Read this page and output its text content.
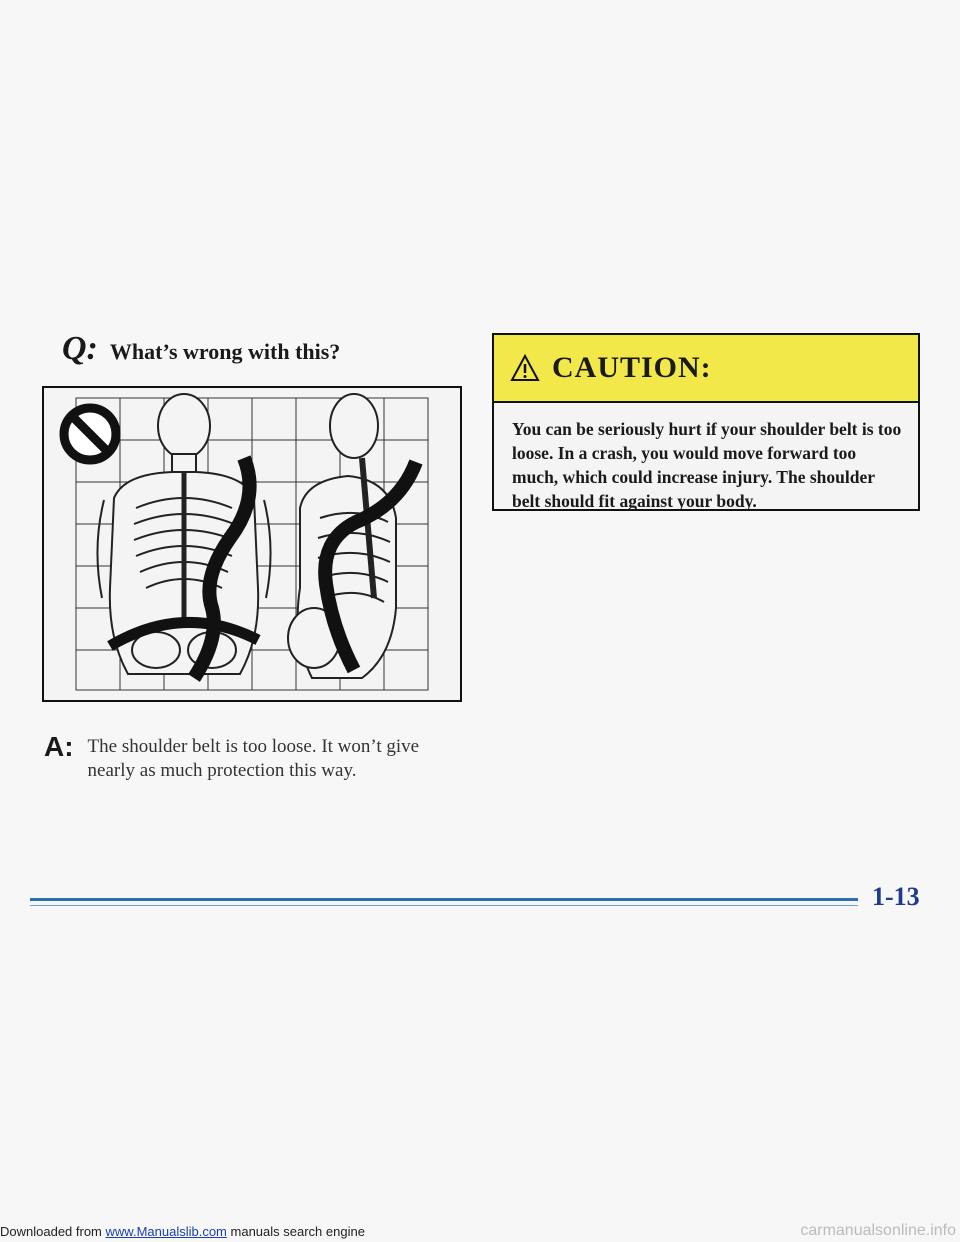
Q: What’s wrong with this?
A: The shoulder belt is too loose. It won’t give nearly as much protection this way.
CAUTION:
You can be seriously hurt if your shoulder belt is too loose. In a crash, you would move forward too much, which could increase injury. The shoulder belt should fit against your body.
1-13
Downloaded from www.Manualslib.com manuals search engine	carmanualsonline.info
